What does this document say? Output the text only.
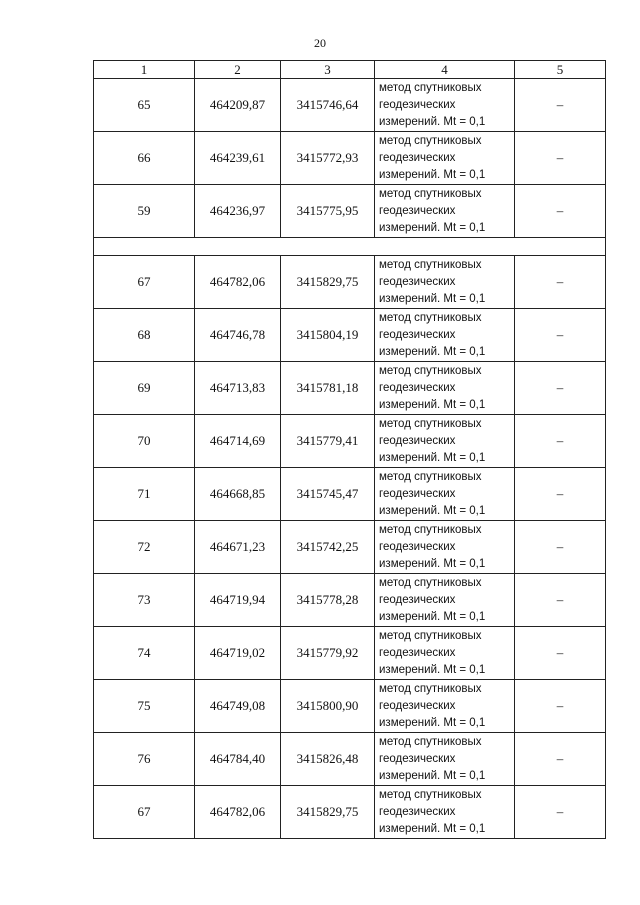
20
1	2	3	4	5
65	464209,87	3415746,64	метод спутниковых
геодезических
измерений. Mt = 0,1	–
66	464239,61	3415772,93	метод спутниковых
геодезических
измерений. Mt = 0,1	–
59	464236,97	3415775,95	метод спутниковых
геодезических
измерений. Mt = 0,1	–

67	464782,06	3415829,75	метод спутниковых
геодезических
измерений. Mt = 0,1	–
68	464746,78	3415804,19	метод спутниковых
геодезических
измерений. Mt = 0,1	–
69	464713,83	3415781,18	метод спутниковых
геодезических
измерений. Mt = 0,1	–
70	464714,69	3415779,41	метод спутниковых
геодезических
измерений. Mt = 0,1	–
71	464668,85	3415745,47	метод спутниковых
геодезических
измерений. Mt = 0,1	–
72	464671,23	3415742,25	метод спутниковых
геодезических
измерений. Mt = 0,1	–
73	464719,94	3415778,28	метод спутниковых
геодезических
измерений. Mt = 0,1	–
74	464719,02	3415779,92	метод спутниковых
геодезических
измерений. Mt = 0,1	–
75	464749,08	3415800,90	метод спутниковых
геодезических
измерений. Mt = 0,1	–
76	464784,40	3415826,48	метод спутниковых
геодезических
измерений. Mt = 0,1	–
67	464782,06	3415829,75	метод спутниковых
геодезических
измерений. Mt = 0,1	–
